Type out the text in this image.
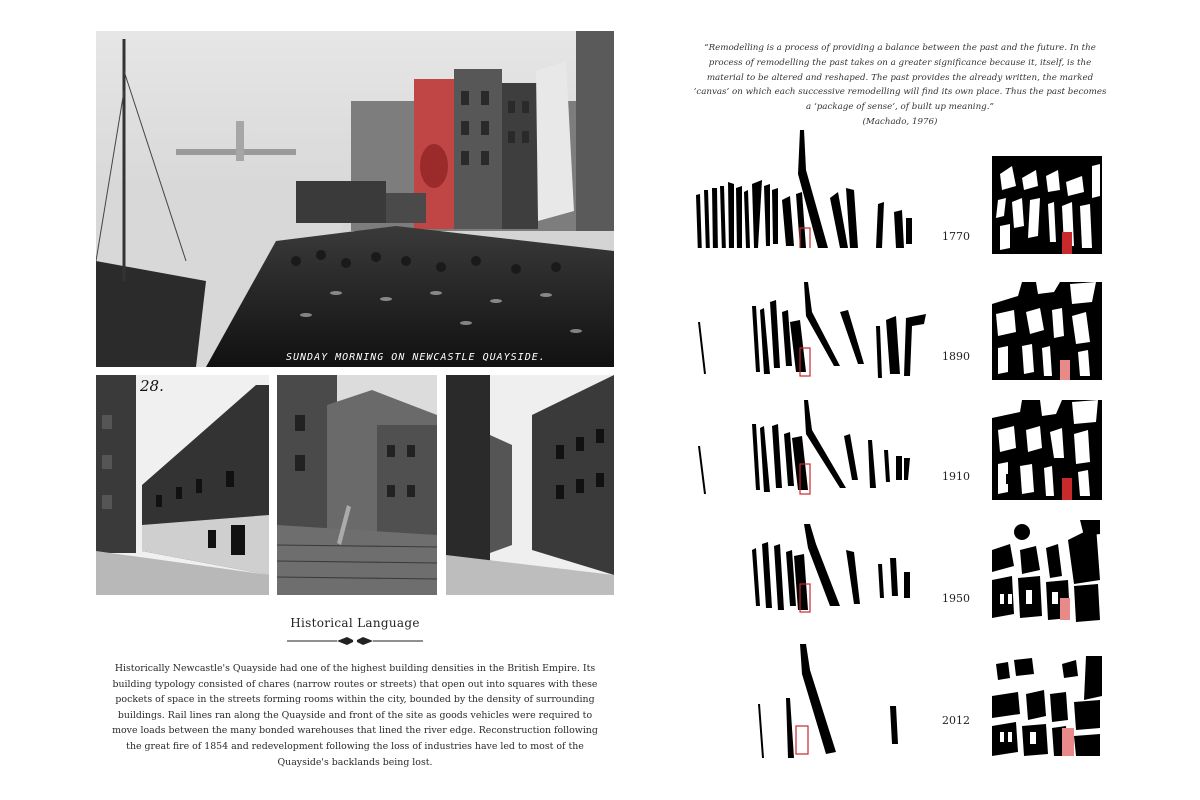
SUNDAY MORNING ON NEWCASTLE QUAYSIDE.
28.
Historical Language
Historically Newcastle's Quayside had one of the highest building densities in the British Empire. Its building typology consisted of chares (narrow routes or streets) that open out into squares with these pockets of space in the streets forming rooms within the city, bounded by the density of surrounding buildings. Rail lines ran along the Quayside and front of the site as goods vehicles were required to move loads between the many bonded warehouses that lined the river edge. Reconstruction following the great fire of 1854 and redevelopment following the loss of industries have led to most of the Quayside's backlands being lost.
“Remodelling is a process of providing a balance between the past and the future. In the process of remodelling the past takes on a greater significance because it, itself, is the material to be altered and reshaped. The past provides the already written, the marked ‘canvas’ on which each successive remodelling will find its own place. Thus the past becomes a ‘package of sense’, of built up meaning.”
(Machado, 1976)
1770
1890
1910
1950
2012
